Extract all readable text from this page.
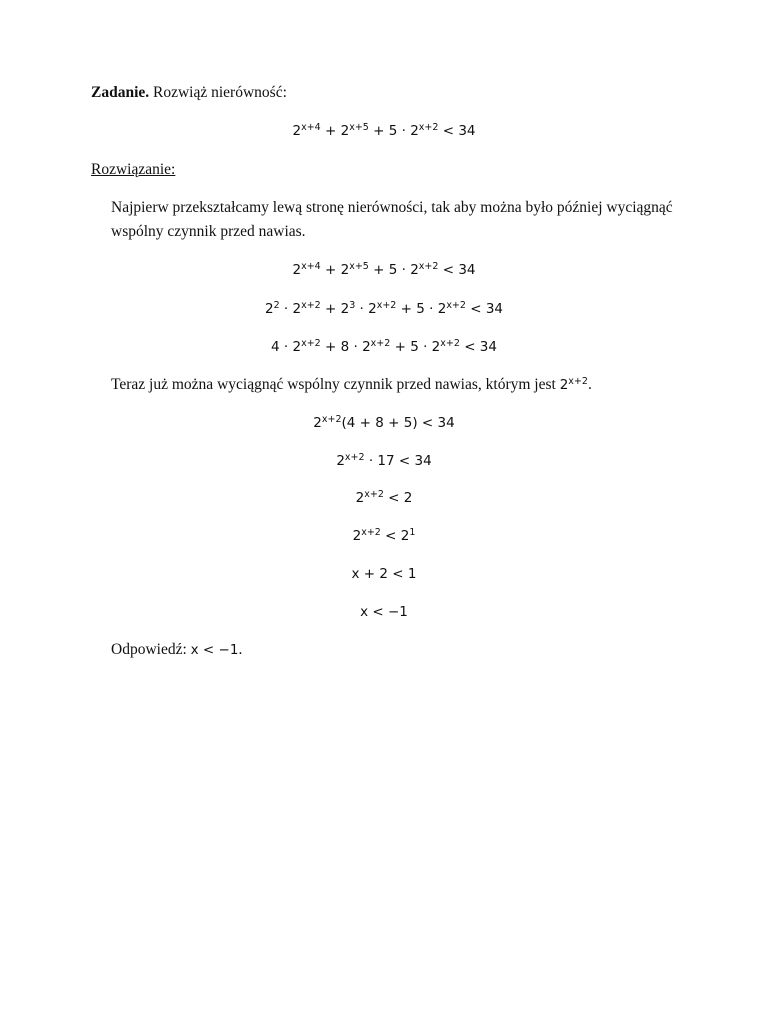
Zadanie. Rozwiąż nierówność:
$2^{x+4} + 2^{x+5} + 5 \cdot 2^{x+2} < 34$
Rozwiązanie:
Najpierw przekształcamy lewą stronę nierówności, tak aby można było później wyciągnąć
wspólny czynnik przed nawias.
$2^{x+4} + 2^{x+5} + 5 \cdot 2^{x+2} < 34$
$2^2 \cdot 2^{x+2} + 2^3 \cdot 2^{x+2} + 5 \cdot 2^{x+2} < 34$
$4 \cdot 2^{x+2} + 8 \cdot 2^{x+2} + 5 \cdot 2^{x+2} < 34$
Teraz już można wyciągnąć wspólny czynnik przed nawias, którym jest $2^{x+2}$.
$2^{x+2}(4 + 8 + 5) < 34$
$2^{x+2} \cdot 17 < 34$
$2^{x+2} < 2$
$2^{x+2} < 2^1$
x + 2 < 1
x < −1
Odpowiedź: x < −1.
